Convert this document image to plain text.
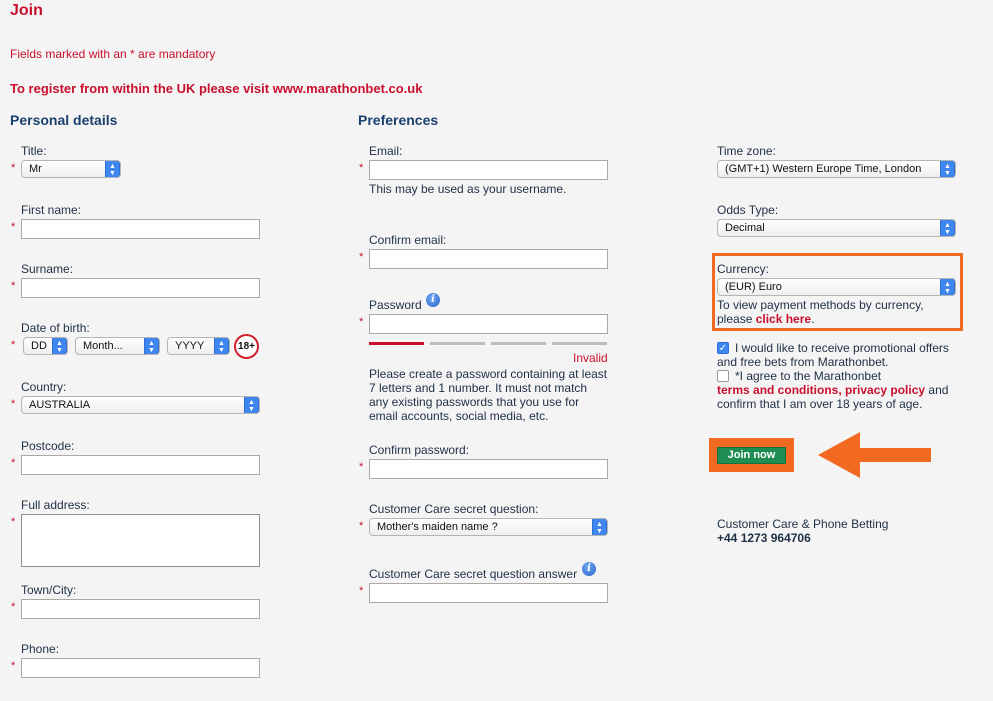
Join
Fields marked with an * are mandatory
To register from within the UK please visit www.marathonbet.co.uk
Personal details
Title:
*	Mr	▲
▼
First name:
*
Surname:
*
Date of birth:
*	DD	▲
▼	Month...	▲
▼	YYYY	▲
▼	18+
Country:
*	AUSTRALIA	▲
▼
Postcode:
*
Full address:
*
Town/City:
*
Phone:
*
Preferences
Email:
*
This may be used as your username.
Confirm email:
*
Password i
*
Invalid
Please create a password containing at least
7 letters and 1 number. It must not match
any existing passwords that you use for
email accounts, social media, etc.
Confirm password:
*
Customer Care secret question:
*	Mother's maiden name ?	▲
▼
Customer Care secret question answer	i
*
Time zone:
(GMT+1) Western Europe Time, London	▲
▼
Odds Type:
Decimal	▲
▼
Currency:
(EUR) Euro	▲
▼
To view payment methods by currency,
please click here.
✓ I would like to receive promotional offers
and free bets from Marathonbet.
*I agree to the Marathonbet
terms and conditions, privacy policy and
confirm that I am over 18 years of age.
Join now
Customer Care & Phone Betting
+44 1273 964706
